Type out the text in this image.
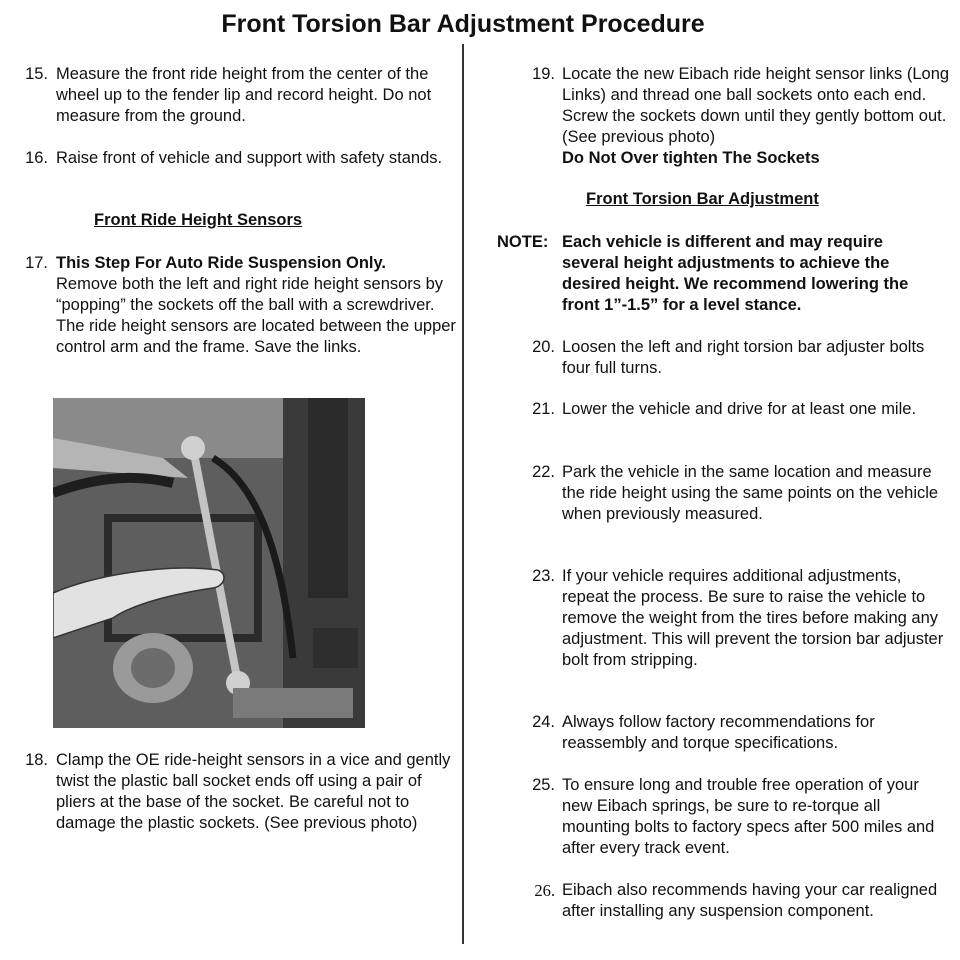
Front Torsion Bar Adjustment Procedure
15. Measure the front ride height from the center of the wheel up to the fender lip and record height. Do not measure from the ground.
16. Raise front of vehicle and support with safety stands.
Front Ride Height Sensors
17. This Step For Auto Ride Suspension Only.
Remove both the left and right ride height sensors by “popping” the sockets off the ball with a screwdriver. The ride height sensors are located between the upper control arm and the frame. Save the links.
18. Clamp the OE ride-height sensors in a vice and gently twist the plastic ball socket ends off using a pair of pliers at the base of the socket. Be careful not to damage the plastic sockets. (See previous photo)
19. Locate the new Eibach ride height sensor links (Long Links) and thread one ball sockets onto each end. Screw the sockets down until they gently bottom out. (See previous photo)
Do Not Over tighten The Sockets
Front Torsion Bar Adjustment
NOTE: Each vehicle is different and may require several height adjustments to achieve the desired height. We recommend lowering the front 1”-1.5” for a level stance.
20. Loosen the left and right torsion bar adjuster bolts four full turns.
21. Lower the vehicle and drive for at least one mile.
22. Park the vehicle in the same location and measure the ride height using the same points on the vehicle when previously measured.
23. If your vehicle requires additional adjustments, repeat the process. Be sure to raise the vehicle to remove the weight from the tires before making any adjustment. This will prevent the torsion bar adjuster bolt from stripping.
24. Always follow factory recommendations for reassembly and torque specifications.
25. To ensure long and trouble free operation of your new Eibach springs, be sure to re-torque all mounting bolts to factory specs after 500 miles and after every track event.
26. Eibach also recommends having your car realigned after installing any suspension component.
